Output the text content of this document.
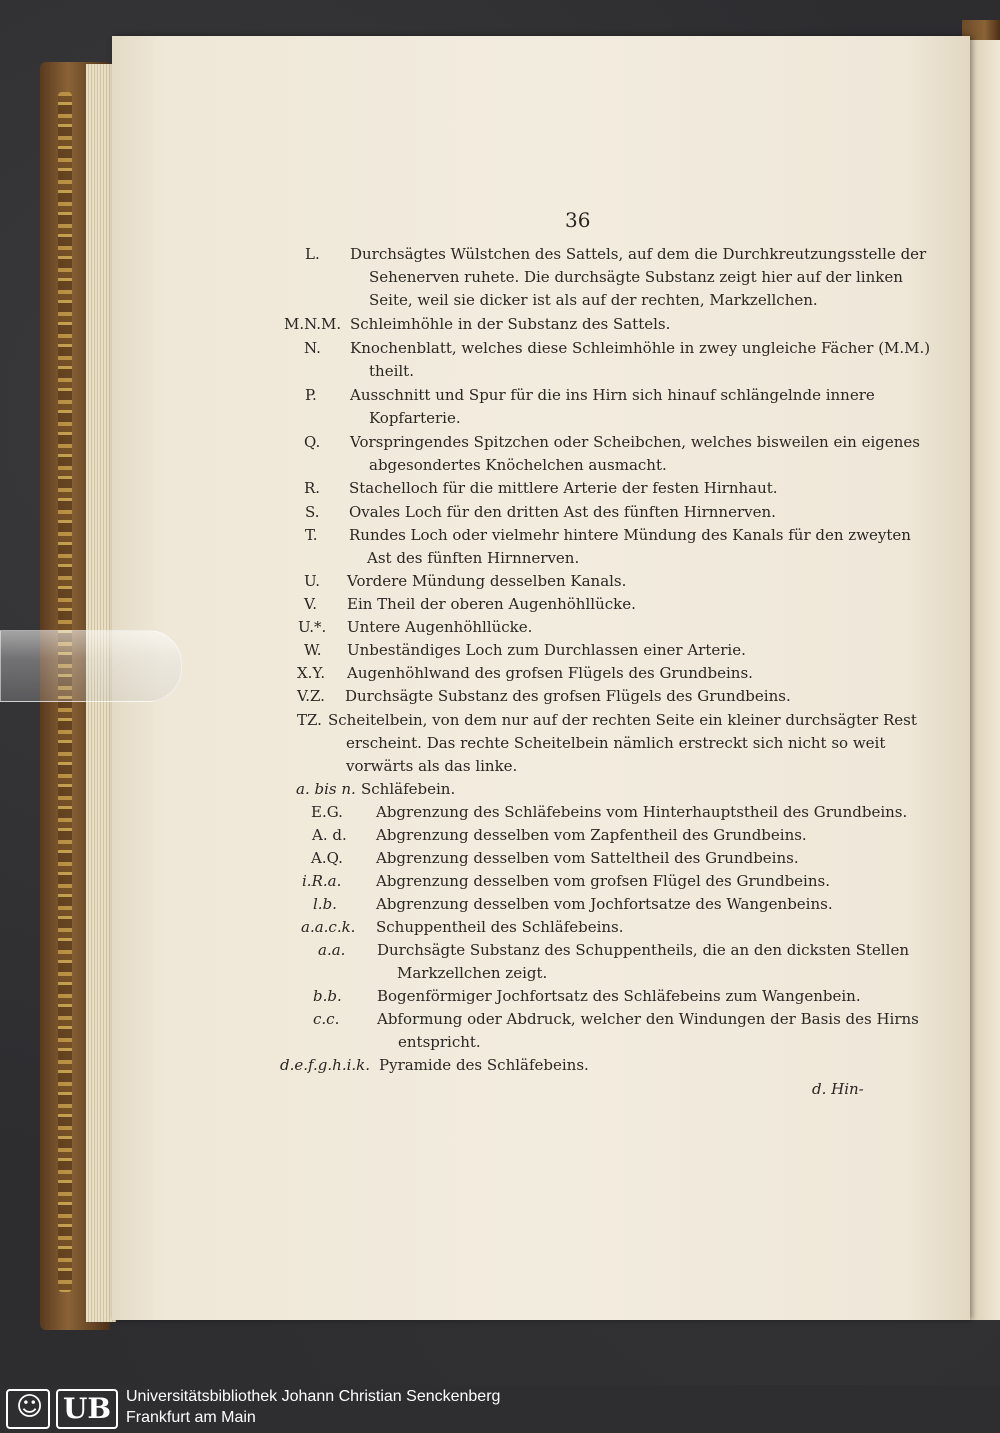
36
L. Durchsägtes Wülstchen des Sattels, auf dem die Durchkreutzungsstelle der
Sehenerven ruhete. Die durchsägte Substanz zeigt hier auf der linken
Seite, weil sie dicker ist als auf der rechten, Markzellchen.
M.N.M. Schleimhöhle in der Substanz des Sattels.
N. Knochenblatt, welches diese Schleimhöhle in zwey ungleiche Fächer (M.M.)
theilt.
P. Ausschnitt und Spur für die ins Hirn sich hinauf schlängelnde innere
Kopfarterie.
Q. Vorspringendes Spitzchen oder Scheibchen, welches bisweilen ein eigenes
abgesondertes Knöchelchen ausmacht.
R. Stachelloch für die mittlere Arterie der festen Hirnhaut.
S. Ovales Loch für den dritten Ast des fünften Hirnnerven.
T. Rundes Loch oder vielmehr hintere Mündung des Kanals für den zweyten
Ast des fünften Hirnnerven.
U. Vordere Mündung desselben Kanals.
V. Ein Theil der oberen Augenhöhllücke.
U.*. Untere Augenhöhllücke.
W. Unbeständiges Loch zum Durchlassen einer Arterie.
X.Y. Augenhöhlwand des grofsen Flügels des Grundbeins.
V.Z. Durchsägte Substanz des grofsen Flügels des Grundbeins.
TZ. Scheitelbein, von dem nur auf der rechten Seite ein kleiner durchsägter Rest
erscheint. Das rechte Scheitelbein nämlich erstreckt sich nicht so weit
vorwärts als das linke.
a. bis n. Schläfebein.
E.G. Abgrenzung des Schläfebeins vom Hinterhauptstheil des Grundbeins.
A. d. Abgrenzung desselben vom Zapfentheil des Grundbeins.
A.Q. Abgrenzung desselben vom Satteltheil des Grundbeins.
i.R.a. Abgrenzung desselben vom grofsen Flügel des Grundbeins.
l.b.	Abgrenzung desselben vom Jochfortsatze des Wangenbeins.
a.a.c.k. Schuppentheil des Schläfebeins.
a.a. Durchsägte Substanz des Schuppentheils, die an den dicksten Stellen
Markzellchen zeigt.
b.b. Bogenförmiger Jochfortsatz des Schläfebeins zum Wangenbein.
c.c.	Abformung oder Abdruck, welcher den Windungen der Basis des Hirns
entspricht.
d.e.f.g.h.i.k. Pyramide des Schläfebeins.
d. Hin-
☺ UB Universitätsbibliothek Johann Christian Senckenberg
Frankfurt am Main
